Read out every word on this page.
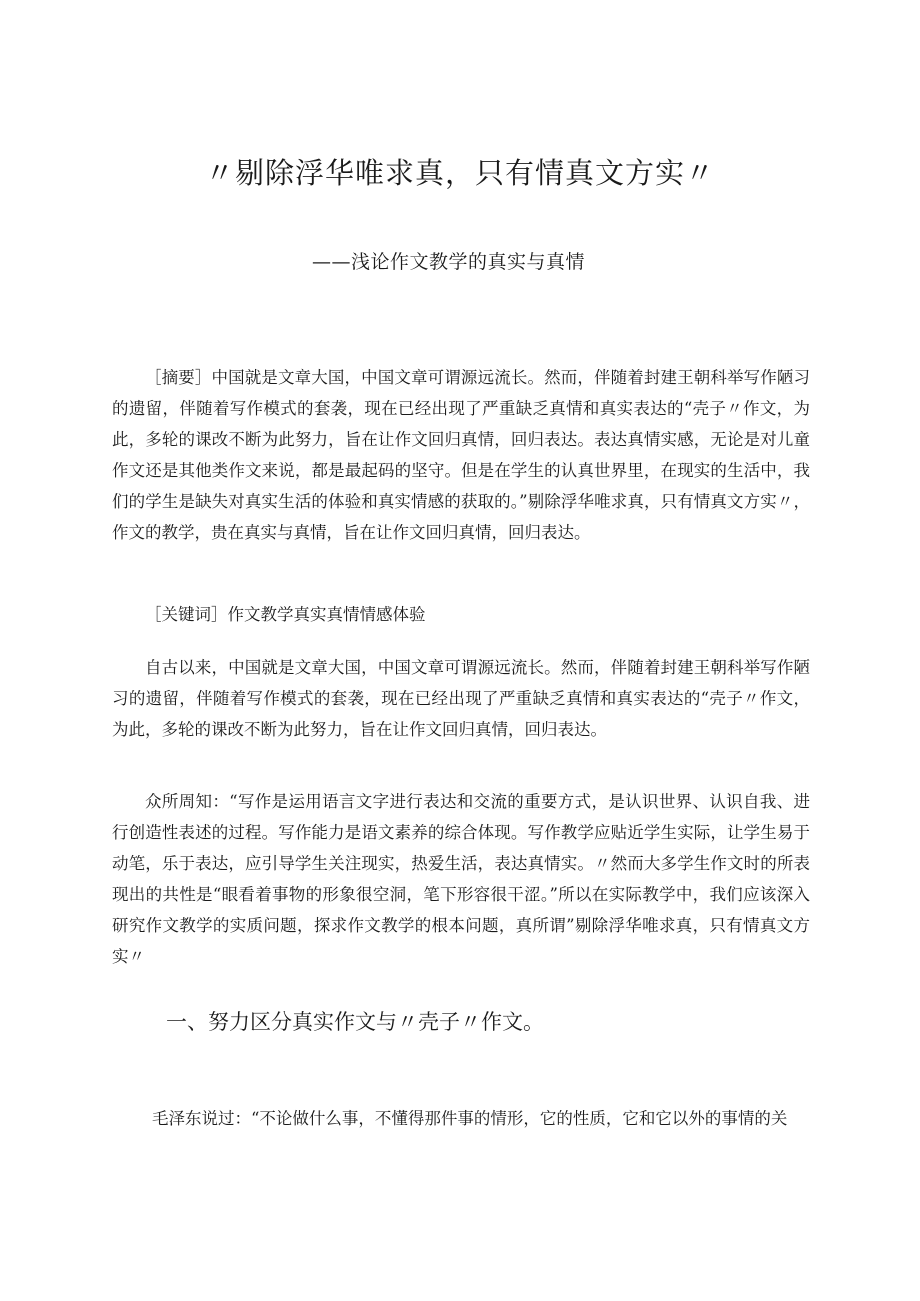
〃剔除浮华唯求真，只有情真文方实〃
——浅论作文教学的真实与真情

［摘要］中国就是文章大国，中国文章可谓源远流长。然而，伴随着封建王朝科举写作陋习的遗留，伴随着写作模式的套袭，现在已经出现了严重缺乏真情和真实表达的“壳子〃作文，为此，多轮的课改不断为此努力，旨在让作文回归真情，回归表达。表达真情实感，无论是对儿童作文还是其他类作文来说，都是最起码的坚守。但是在学生的认真世界里，在现实的生活中，我们的学生是缺失对真实生活的体验和真实情感的获取的。”剔除浮华唯求真，只有情真文方实〃，作文的教学，贵在真实与真情，旨在让作文回归真情，回归表达。

［关键词］作文教学真实真情情感体验

自古以来，中国就是文章大国，中国文章可谓源远流长。然而，伴随着封建王朝科举写作陋习的遗留，伴随着写作模式的套袭，现在已经出现了严重缺乏真情和真实表达的“壳子〃作文，为此，多轮的课改不断为此努力，旨在让作文回归真情，回归表达。

众所周知：“写作是运用语言文字进行表达和交流的重要方式，是认识世界、认识自我、进行创造性表述的过程。写作能力是语文素养的综合体现。写作教学应贴近学生实际，让学生易于动笔，乐于表达，应引导学生关注现实，热爱生活，表达真情实。〃然而大多学生作文时的所表现出的共性是“眼看着事物的形象很空洞，笔下形容很干涩。”所以在实际教学中，我们应该深入研究作文教学的实质问题，探求作文教学的根本问题，真所谓”剔除浮华唯求真，只有情真文方实〃

一、努力区分真实作文与〃壳子〃作文。
毛泽东说过：“不论做什么事，不懂得那件事的情形，它的性质，它和它以外的事情的关
